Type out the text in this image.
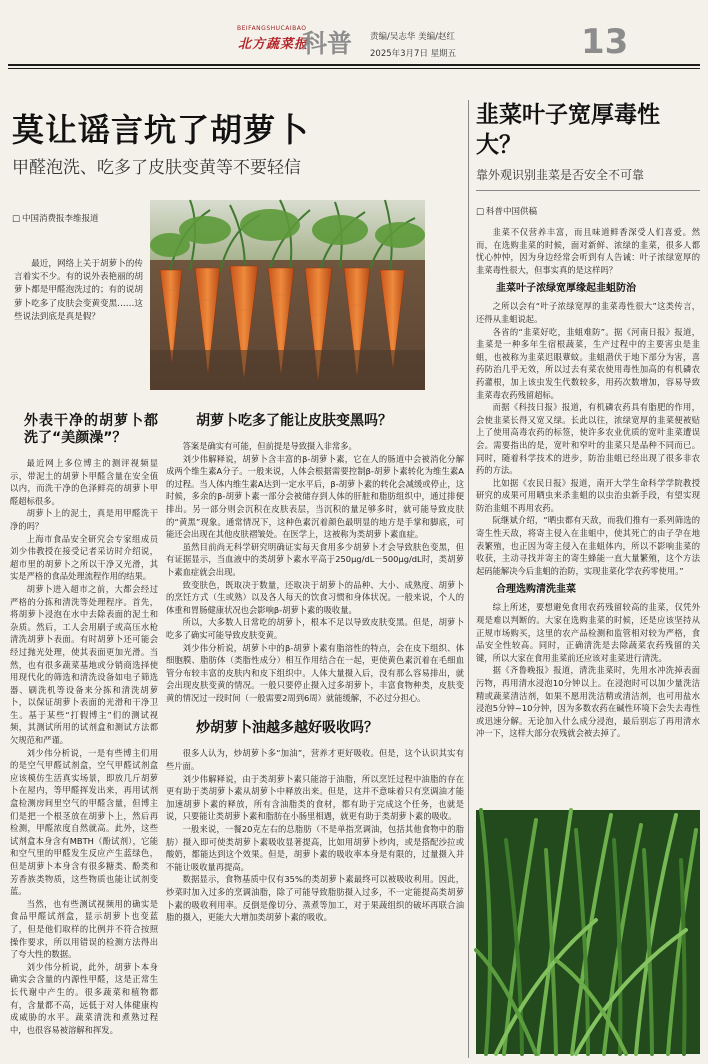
BEIFANGSHUCAIBAO
北方蔬菜报
科普 责编/吴志华 美编/赵红
2025年3月7日 星期五	13
莫让谣言坑了胡萝卜
甲醛泡洗、吃多了皮肤变黄等不要轻信
□ 中国消费报李维报道

最近，网络上关于胡萝卜的传言着实不少。有的说外表艳丽的胡萝卜都是甲醛泡洗过的；有的说胡萝卜吃多了皮肤会变黄变黑……这些说法到底是真是假？

外表干净的胡萝卜都洗了“美颜澡”？

最近网上多位博主的测评视频显示，带泥土的胡萝卜甲醛含量在安全值以内，而洗干净的色泽鲜亮的胡萝卜甲醛超标很多。

胡萝卜上的泥土，真是用甲醛洗干净的吗？

上海市食品安全研究会专家组成员刘少伟教授在接受记者采访时介绍说，超市里的胡萝卜之所以干净又光滑，其实是严格的食品处理流程作用的结果。

胡萝卜进入超市之前，大都会经过严格的分拣和清洗等处理程序。首先，将胡萝卜浸泡在水中去除表面的泥土和杂质。然后，工人会用刷子或高压水枪清洗胡萝卜表面。有时胡萝卜还可能会经过抛光处理，使其表面更加光滑。当然，也有很多蔬菜基地或分销商选择使用现代化的筛选和清洗设备如电子筛选器、刷洗机等设备来分拣和清洗胡萝卜，以保证胡萝卜表面的光滑和干净卫生。基于某些“打假博主”们的测试视频，其测试所用的试剂盒和测试方法都欠规范和严谨。

刘少伟分析说，一是有些博主们用的是空气甲醛试剂盒，空气甲醛试剂盒应该模仿生活真实场景，即放几斤胡萝卜在屋内，等甲醛挥发出来，再用试剂盒检测房间里空气的甲醛含量，但博主们是把一个根茎放在胡萝卜上，然后再检测，甲醛浓度自然就高。此外，这些试剂盒本身含有MBTH（酚试剂），它能和空气里的甲醛发生反应产生蓝绿色，但是胡萝卜本身含有很多糖类、酚类和芳香族类物质，这些物质也能让试剂变蓝。

当然，也有些测试视频用的确实是食品甲醛试剂盒，显示胡萝卜也变蓝了，但是他们取样的比例并不符合按照操作要求，所以用错误的检测方法得出了夸大性的数据。

刘少伟分析说，此外，胡萝卜本身确实会含量的内源性甲醛，这是正常生长代谢中产生的。很多蔬菜和植物都有，含量都不高，远低于对人体健康构成威胁的水平。蔬菜清洗和煮熟过程中，也很容易被溶解和挥发。

胡萝卜吃多了能让皮肤变黑吗？

答案是确实有可能，但前提是导致摄入非常多。

刘少伟解释说，胡萝卜含丰富的β-胡萝卜素，它在人的肠道中会被消化分解成两个维生素A分子。一般来说，人体会根据需要控制β-胡萝卜素转化为维生素A的过程。当人体内维生素A达到一定水平后，β-胡萝卜素的转化会减缓或停止，这时候，多余的β-胡萝卜素一部分会被储存到人体的肝脏和脂肪组织中，通过排便排出。另一部分则会沉积在皮肤表层，当沉积的量足够多时，就可能导致皮肤的“黄黑”现象。通常情况下，这种色素沉着颜色最明显的地方是手掌和脚底，可能还会出现在其他皮肤褶皱处。在医学上，这被称为类胡萝卜素血症。

虽然目前尚无科学研究明确证实每天食用多少胡萝卜才会导致肤色变黑，但有证据显示，当血液中的类胡萝卜素水平高于250μg/dL－500μg/dL时，类胡萝卜素血症就会出现。

致变肤色，既取决于数量，还取决于胡萝卜的品种、大小、成熟度、胡萝卜的烹饪方式（生或熟）以及各人每天的饮食习惯和身体状况。一般来说，个人的体重和胃肠健康状况也会影响β-胡萝卜素的吸收量。

所以，大多数人日常吃的胡萝卜，根本不足以导致皮肤变黑。但是，胡萝卜吃多了确实可能导致皮肤变黄。

刘少伟分析说，胡萝卜中的β-胡萝卜素有脂溶性的特点，会在皮下组织、体细胞膜、脂肪体（类脂性成分）相互作用结合在一起，更使黄色素沉着在毛细血管分布较丰富的皮肤内和皮下组织中。人体大量摄入后，没有那么容易排出，就会出现皮肤变黄的情况。一般只要停止摄入过多胡萝卜，丰富食物种类，皮肤变黄的情况过一段时间（一般需要2周到6周）就能缓解，不必过分担心。

炒胡萝卜油越多越好吸收吗？

很多人认为，炒胡萝卜多“加油”，营养才更好吸收。但是，这个认识其实有些片面。

刘少伟解释说，由于类胡萝卜素只能溶于油脂，所以烹饪过程中油脂的存在更有助于类胡萝卜素从胡萝卜中释放出来。但是，这并不意味着只有烹调油才能加速胡萝卜素的释放，所有含油脂类的食材，都有助于完成这个任务，也就是说，只要能让类胡萝卜素和脂肪在小肠里相遇，就更有助于类胡萝卜素的吸收。

一般来说，一餐20克左右的总脂肪（不是单指烹调油，包括其他食物中的脂肪）摄入即可使类胡萝卜素吸收显著提高，比如用胡萝卜炒肉，或是搭配沙拉或酸奶，都能达到这个效果。但是，胡萝卜素的吸收率本身是有限的，过量摄入并不能让吸收量再提高。

数据显示，食物基质中仅有35%的类胡萝卜素最终可以被吸收利用。因此，炒菜时加入过多的烹调油脂，除了可能导致脂肪摄入过多，不一定能提高类胡萝卜素的吸收利用率。反倒是像切分、蒸煮等加工，对于果蔬组织的破坏再联合油脂的摄入，更能大大增加类胡萝卜素的吸收。

韭菜叶子宽厚毒性大？
靠外观识别韭菜是否安全不可靠
□ 科普中国供稿

韭菜不仅营养丰富，而且味道鲜香深受人们喜爱。然而，在选购韭菜的时候，面对新鲜、浓绿的韭菜，很多人都忧心忡忡，因为身边经常会听到有人告诫：叶子浓绿宽厚的韭菜毒性很大，但事实真的是这样吗？

韭菜叶子浓绿宽厚缘起韭蛆防治

之所以会有“叶子浓绿宽厚的韭菜毒性很大”这类传言，还得从韭蛆说起。

各省的“韭菜好吃，韭蛆难防”。据《河南日报》报道，韭菜是一种多年生宿根蔬菜，生产过程中的主要害虫是韭蛆，也被称为韭菜迟眼蕈蚊。韭蛆潜伏于地下部分为害，喜药防治几乎无效，所以过去有菜农使用毒性加高的有机磷农药灌根，加上该虫发生代数较多，用药次数增加，容易导致韭菜毒农药残留超标。

而据《科技日报》报道，有机磷农药具有脂肥的作用，会使韭菜长得又宽又绿。长此以往，浓绿宽厚的韭菜便被贴上了使用高毒农药的标签，使许多农业优质的宽叶韭菜遭误会。需要指出的是，宽叶和窄叶的韭菜只是品种不同而已。同时，随着科学技术的进步，防治韭蛆已经出现了很多非农药的方法。

比如据《农民日报》报道，南开大学生命科学学院教授研究的成果可用晒虫来杀韭蛆的以虫治虫新手段，有望实现防治韭蛆不再用农药。

阮继斌介绍，“晒虫都有天敌，而我们推有一系列筛选的寄生性天敌，将寄主侵入在韭蛆中，使其死亡的由子孕在地表繁殖，也正因为寄主侵入在韭蛆体内，所以不影响韭菜的收获，主动寻找并寄主的寄生蜂能一直大量繁殖，这个方法起码能解决今后韭蛆的治防，实现韭菜化学农药零使用。”

合理选购清洗韭菜

综上所述，要想避免食用农药残留较高的韭菜，仅凭外观是难以判断的。大家在选购韭菜的时候，还是应该坚持从正规市场购买，这里的农产品检测和监管相对较为严格，食品安全性较高。同时，正确清洗是去除蔬菜农药残留的关键，所以大家在食用韭菜前还应该对韭菜进行清洗。

据《齐鲁晚报》报道，清洗韭菜时，先用水冲洗掉表面污物，再用清水浸泡10分钟以上。在浸泡时可以加少量洗洁精或蔬菜清洁剂，如果不愿用洗洁精或清洁剂，也可用盐水浸泡5分钟~10分钟，因为多数农药在碱性环境下会失去毒性或迅速分解。无论加入什么成分浸泡，最后别忘了再用清水冲一下，这样大部分农残就会被去掉了。
